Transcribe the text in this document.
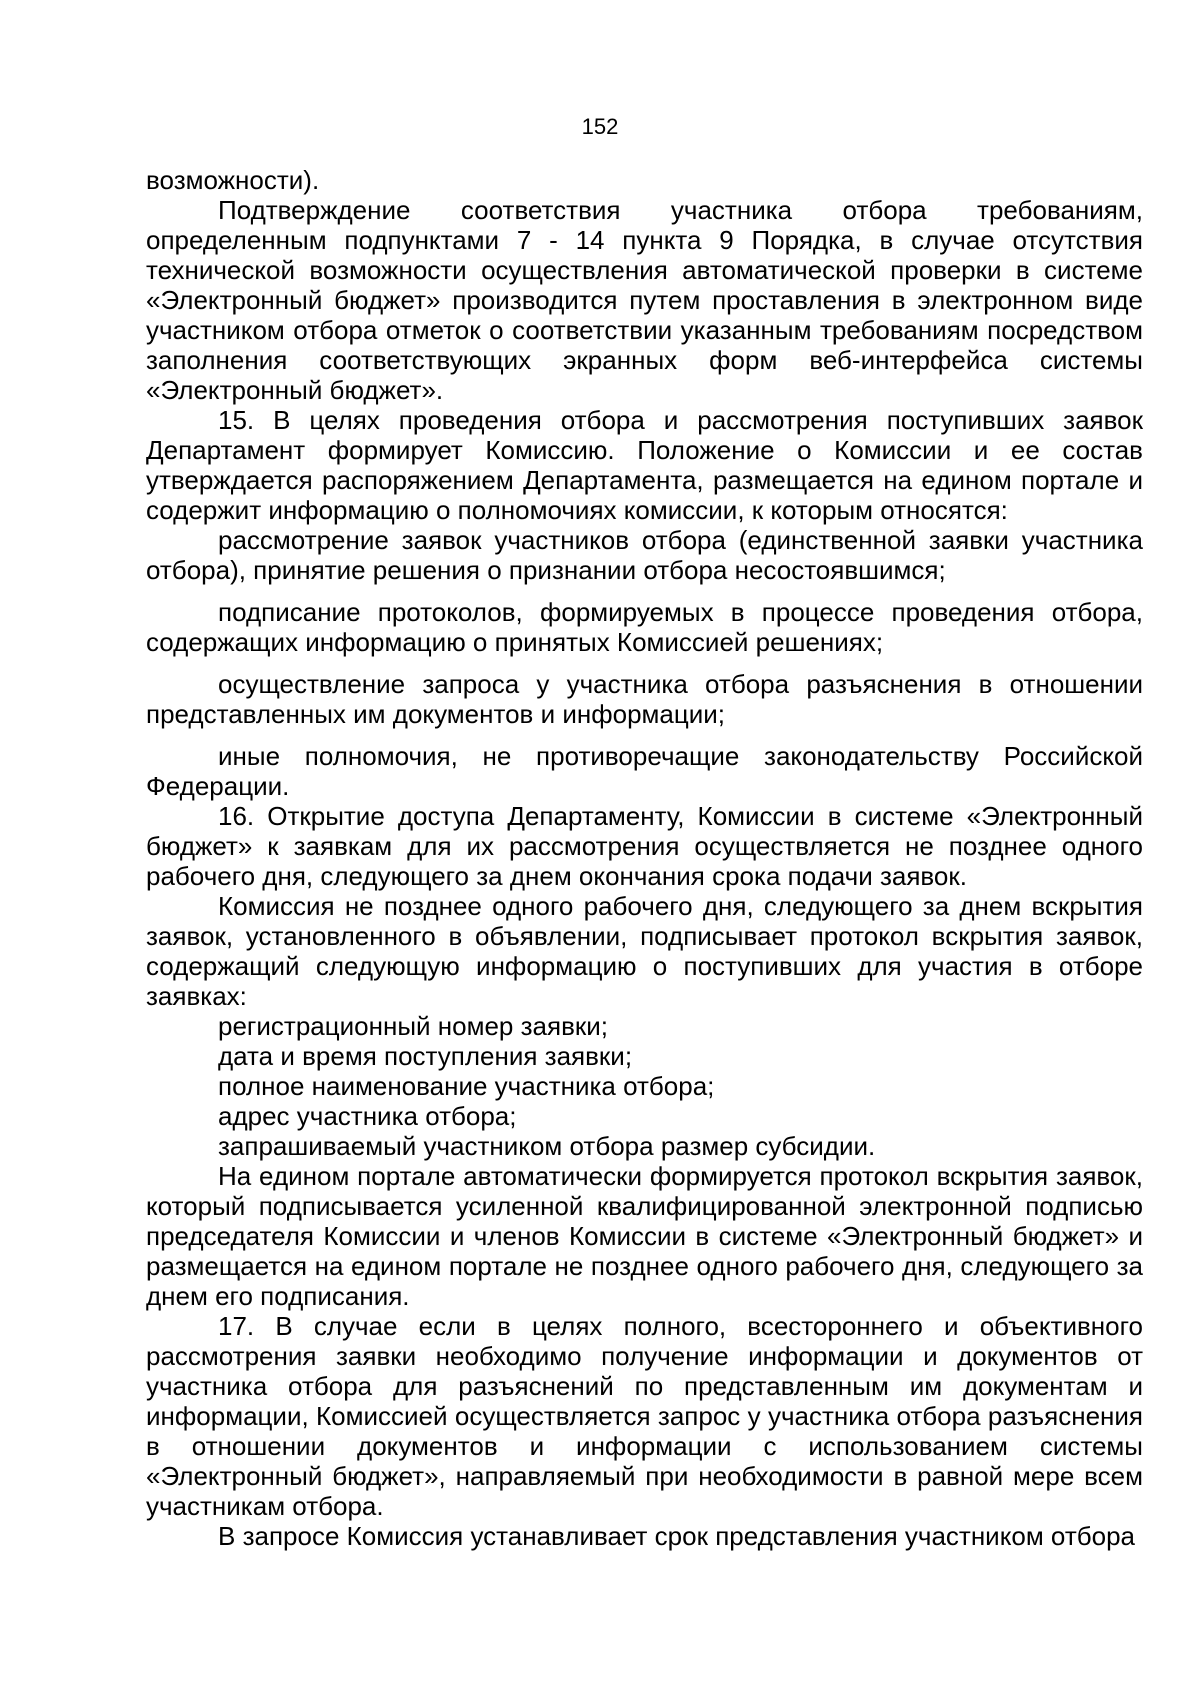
152

возможности).

Подтверждение соответствия участника отбора требованиям, определенным подпунктами 7 - 14 пункта 9 Порядка, в случае отсутствия технической возможности осуществления автоматической проверки в системе «Электронный бюджет» производится путем проставления в электронном виде участником отбора отметок о соответствии указанным требованиям посредством заполнения соответствующих экранных форм веб-интерфейса системы «Электронный бюджет».

15. В целях проведения отбора и рассмотрения поступивших заявок Департамент формирует Комиссию. Положение о Комиссии и ее состав утверждается распоряжением Департамента, размещается на едином портале и содержит информацию о полномочиях комиссии, к которым относятся:

рассмотрение заявок участников отбора (единственной заявки участника отбора), принятие решения о признании отбора несостоявшимся;

подписание протоколов, формируемых в процессе проведения отбора, содержащих информацию о принятых Комиссией решениях;

осуществление запроса у участника отбора разъяснения в отношении представленных им документов и информации;

иные полномочия, не противоречащие законодательству Российской Федерации.

16. Открытие доступа Департаменту, Комиссии в системе «Электронный бюджет» к заявкам для их рассмотрения осуществляется не позднее одного рабочего дня, следующего за днем окончания срока подачи заявок.

Комиссия не позднее одного рабочего дня, следующего за днем вскрытия заявок, установленного в объявлении, подписывает протокол вскрытия заявок, содержащий следующую информацию о поступивших для участия в отборе заявках:

регистрационный номер заявки;

дата и время поступления заявки;

полное наименование участника отбора;

адрес участника отбора;

запрашиваемый участником отбора размер субсидии.

На едином портале автоматически формируется протокол вскрытия заявок, который подписывается усиленной квалифицированной электронной подписью председателя Комиссии и членов Комиссии в системе «Электронный бюджет» и размещается на едином портале не позднее одного рабочего дня, следующего за днем его подписания.

17. В случае если в целях полного, всестороннего и объективного рассмотрения заявки необходимо получение информации и документов от участника отбора для разъяснений по представленным им документам и информации, Комиссией осуществляется запрос у участника отбора разъяснения в отношении документов и информации с использованием системы «Электронный бюджет», направляемый при необходимости в равной мере всем участникам отбора.

В запросе Комиссия устанавливает срок представления участником отбора
